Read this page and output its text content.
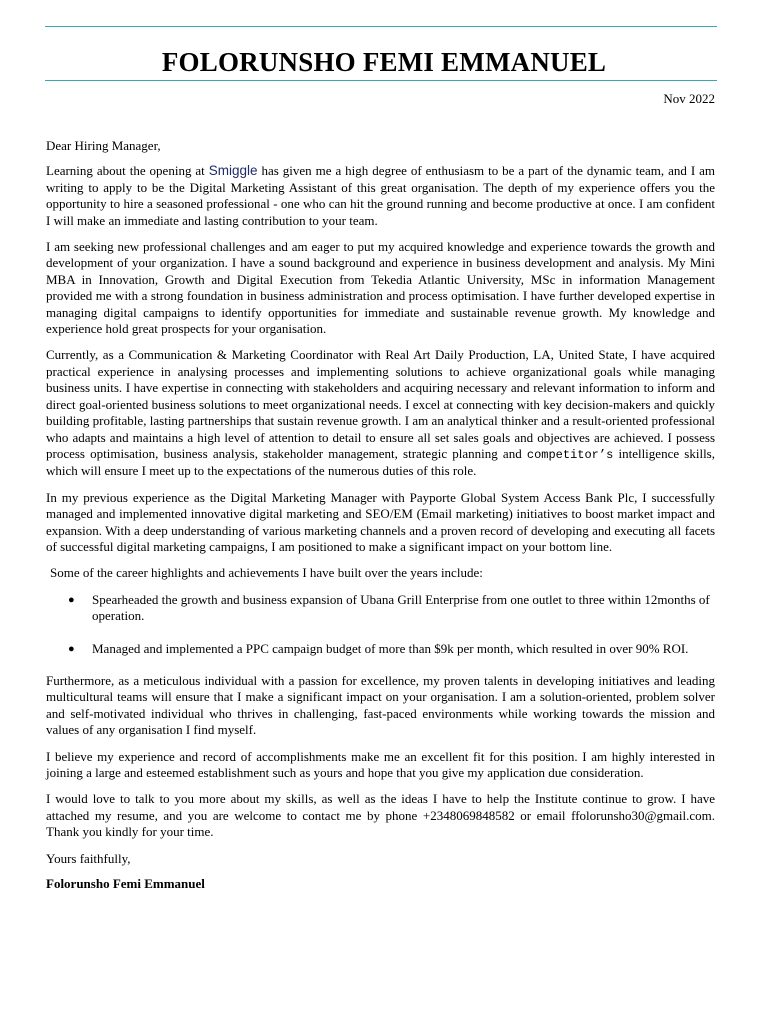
FOLORUNSHO FEMI EMMANUEL
Nov 2022

Dear Hiring Manager,

Learning about the opening at Smiggle has given me a high degree of enthusiasm to be a part of the dynamic team, and I am writing to apply to be the Digital Marketing Assistant of this great organisation. The depth of my experience offers you the opportunity to hire a seasoned professional - one who can hit the ground running and become productive at once. I am confident I will make an immediate and lasting contribution to your team.

I am seeking new professional challenges and am eager to put my acquired knowledge and experience towards the growth and development of your organization. I have a sound background and experience in business development and analysis. My Mini MBA in Innovation, Growth and Digital Execution from Tekedia Atlantic University, MSc in information Management provided me with a strong foundation in business administration and process optimisation. I have further developed expertise in managing digital campaigns to identify opportunities for immediate and sustainable revenue growth. My knowledge and experience hold great prospects for your organisation.

Currently, as a Communication & Marketing Coordinator with Real Art Daily Production, LA, United State, I have acquired practical experience in analysing processes and implementing solutions to achieve organizational goals while managing business units. I have expertise in connecting with stakeholders and acquiring necessary and relevant information to inform and direct goal-oriented business solutions to meet organizational needs. I excel at connecting with key decision-makers and quickly building profitable, lasting partnerships that sustain revenue growth. I am an analytical thinker and a result-oriented professional who adapts and maintains a high level of attention to detail to ensure all set sales goals and objectives are achieved. I possess process optimisation, business analysis, stakeholder management, strategic planning and competitor’s intelligence skills, which will ensure I meet up to the expectations of the numerous duties of this role.

In my previous experience as the Digital Marketing Manager with Payporte Global System Access Bank Plc, I successfully managed and implemented innovative digital marketing and SEO/EM (Email marketing) initiatives to boost market impact and expansion. With a deep understanding of various marketing channels and a proven record of developing and executing all facets of successful digital marketing campaigns, I am positioned to make a significant impact on your bottom line.

Some of the career highlights and achievements I have built over the years include:

● Spearheaded the growth and business expansion of Ubana Grill Enterprise from one outlet to three within 12months of operation.
● Managed and implemented a PPC campaign budget of more than $9k per month, which resulted in over 90% ROI.

Furthermore, as a meticulous individual with a passion for excellence, my proven talents in developing initiatives and leading multicultural teams will ensure that I make a significant impact on your organisation. I am a solution-oriented, problem solver and self-motivated individual who thrives in challenging, fast-paced environments while working towards the mission and values of any organisation I find myself.

I believe my experience and record of accomplishments make me an excellent fit for this position. I am highly interested in joining a large and esteemed establishment such as yours and hope that you give my application due consideration.

I would love to talk to you more about my skills, as well as the ideas I have to help the Institute continue to grow. I have attached my resume, and you are welcome to contact me by phone +2348069848582 or email ffolorunsho30@gmail.com. Thank you kindly for your time.

Yours faithfully,

Folorunsho Femi Emmanuel
